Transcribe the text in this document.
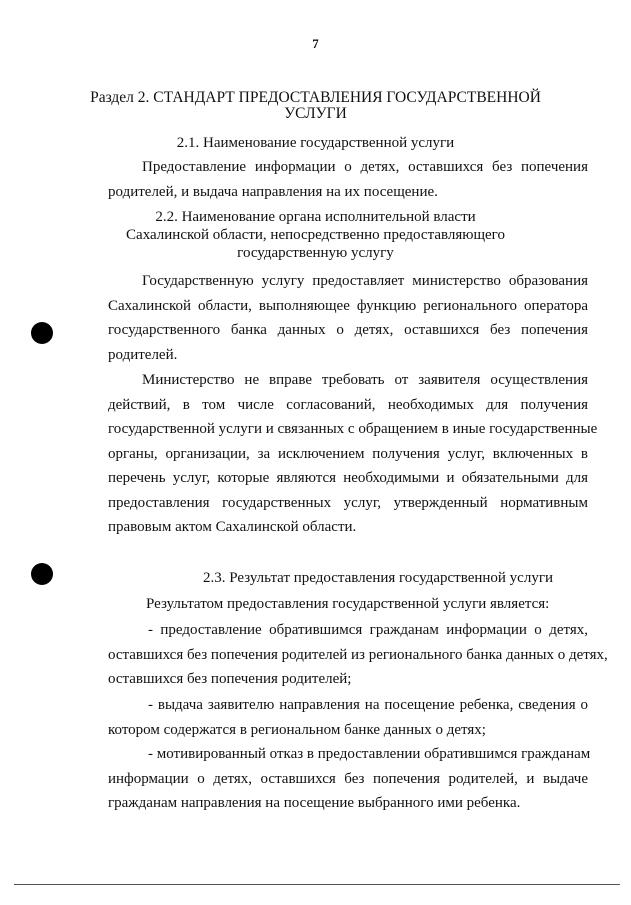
7
Раздел 2. СТАНДАРТ ПРЕДОСТАВЛЕНИЯ ГОСУДАРСТВЕННОЙ
УСЛУГИ
2.1. Наименование государственной услуги
Предоставление информации о детях, оставшихся без попечения
родителей, и выдача направления на их посещение.
2.2. Наименование органа исполнительной власти
Сахалинской области, непосредственно предоставляющего
государственную услугу
Государственную услугу предоставляет министерство образования
Сахалинской области, выполняющее функцию регионального оператора
государственного банка данных о детях, оставшихся без попечения
родителей.
Министерство не вправе требовать от заявителя осуществления
действий, в том числе согласований, необходимых для получения
государственной услуги и связанных с обращением в иные государственные
органы, организации, за исключением получения услуг, включенных в
перечень услуг, которые являются необходимыми и обязательными для
предоставления государственных услуг, утвержденный нормативным
правовым актом Сахалинской области.
2.3. Результат предоставления государственной услуги
Результатом предоставления государственной услуги является:
- предоставление обратившимся гражданам информации о детях,
оставшихся без попечения родителей из регионального банка данных о детях,
оставшихся без попечения родителей;
- выдача заявителю направления на посещение ребенка, сведения о
котором содержатся в региональном банке данных о детях;
- мотивированный отказ в предоставлении обратившимся гражданам
информации о детях, оставшихся без попечения родителей, и выдаче
гражданам направления на посещение выбранного ими ребенка.
